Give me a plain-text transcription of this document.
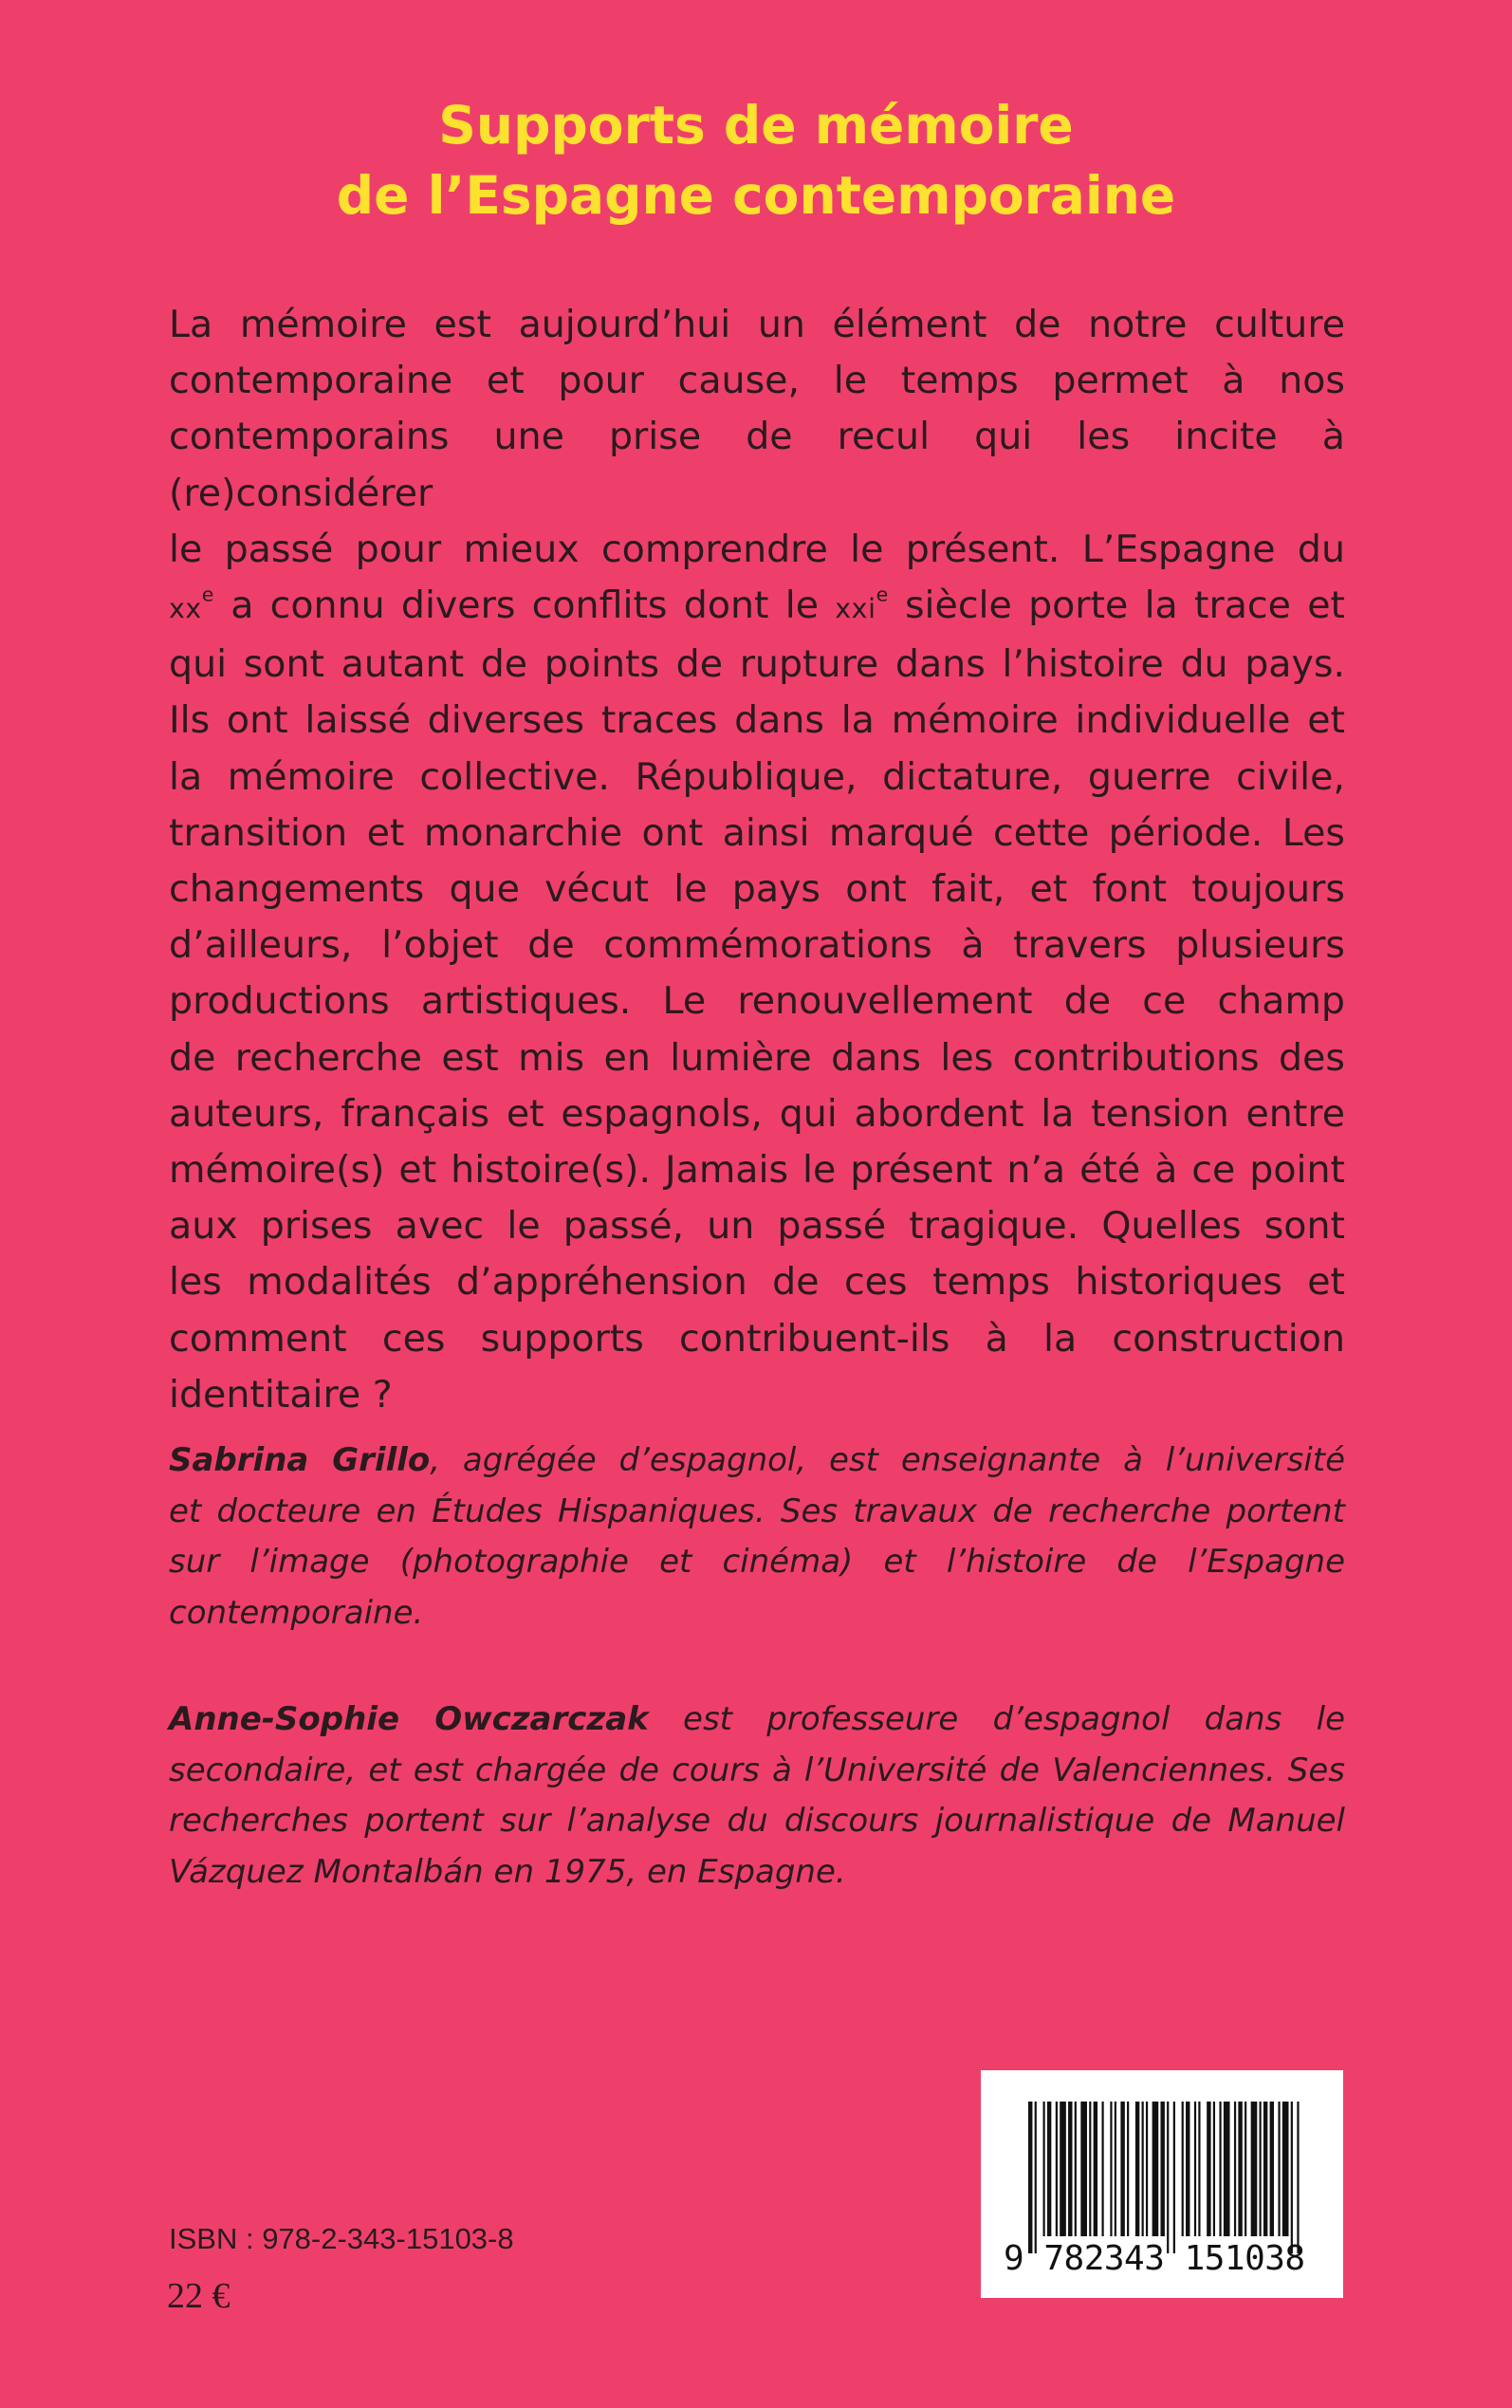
Supports de mémoire
de l’Espagne contemporaine

La mémoire est aujourd’hui un élément de notre culture
contemporaine et pour cause, le temps permet à nos
contemporains une prise de recul qui les incite à (re)considérer
le passé pour mieux comprendre le présent. L’Espagne du
$xx^e$ a connu divers conflits dont le xxi$^e$ siècle porte la trace et
qui sont autant de points de rupture dans l’histoire du pays.
Ils ont laissé diverses traces dans la mémoire individuelle et
la mémoire collective. République, dictature, guerre civile,
transition et monarchie ont ainsi marqué cette période. Les
changements que vécut le pays ont fait, et font toujours
d’ailleurs, l’objet de commémorations à travers plusieurs
productions artistiques. Le renouvellement de ce champ
de recherche est mis en lumière dans les contributions des
auteurs, français et espagnols, qui abordent la tension entre
mémoire(s) et histoire(s). Jamais le présent n’a été à ce point
aux prises avec le passé, un passé tragique. Quelles sont
les modalités d’appréhension de ces temps historiques et
comment ces supports contribuent-ils à la construction
identitaire ?

Sabrina Grillo, agrégée d’espagnol, est enseignante à l’université
et docteure en Études Hispaniques. Ses travaux de recherche portent
sur l’image (photographie et cinéma) et l’histoire de l’Espagne
contemporaine.

Anne-Sophie Owczarczak est professeure d’espagnol dans le
secondaire, et est chargée de cours à l’Université de Valenciennes. Ses
recherches portent sur l’analyse du discours journalistique de Manuel
Vázquez Montalbán en 1975, en Espagne.

ISBN : 978-2-343-15103-8

22 €

9 782343 151038
